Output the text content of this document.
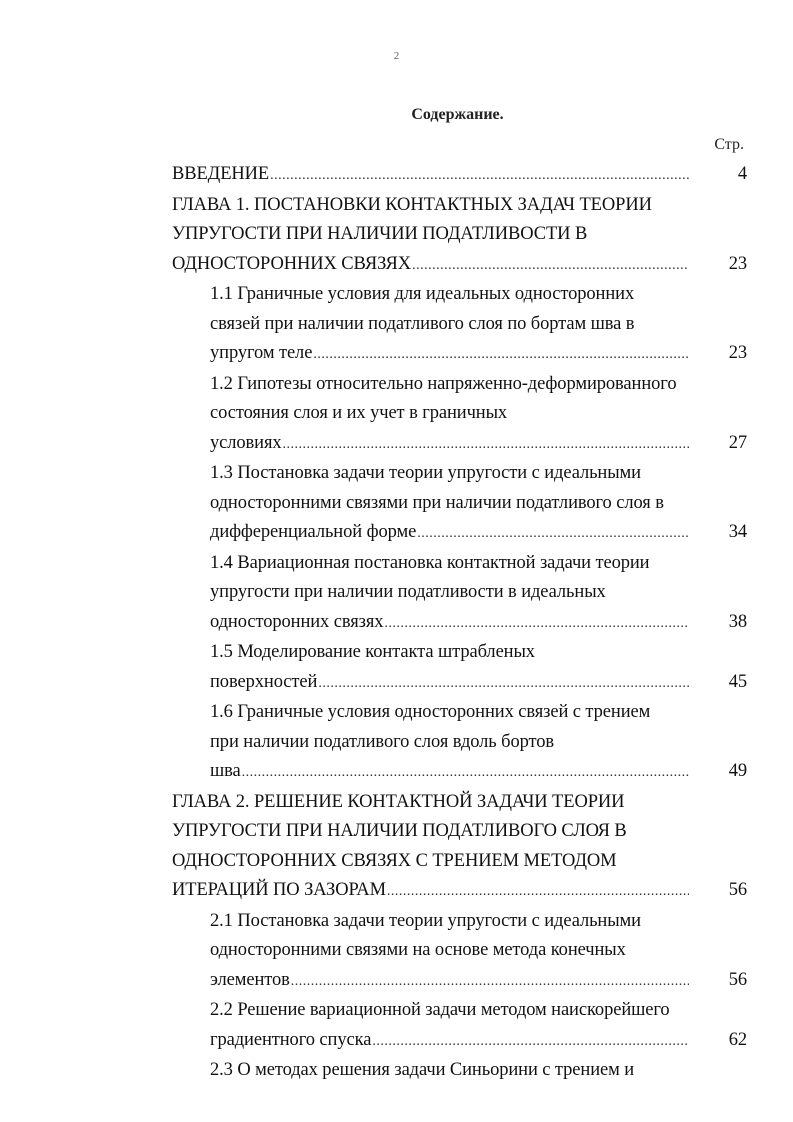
2
Содержание.
Стр.
ВВЕДЕНИЕ .....	4
ГЛАВА 1. ПОСТАНОВКИ КОНТАКТНЫХ ЗАДАЧ ТЕОРИИ
УПРУГОСТИ ПРИ НАЛИЧИИ ПОДАТЛИВОСТИ В
ОДНОСТОРОННИХ СВЯЗЯХ .....	23
1.1 Граничные условия для идеальных односторонних
связей при наличии податливого слоя по бортам шва в
упругом теле .....	23
1.2 Гипотезы относительно напряженно-деформированного
состояния слоя и их учет в граничных
условиях .....	27
1.3 Постановка задачи теории упругости с идеальными
односторонними связями при наличии податливого слоя в
дифференциальной форме .....	34
1.4 Вариационная постановка контактной задачи теории
упругости при наличии податливости в идеальных
односторонних связях .....	38
1.5 Моделирование контакта штрабленых
поверхностей .....	45
1.6 Граничные условия односторонних связей с трением
при наличии податливого слоя вдоль бортов
шва .....	49
ГЛАВА 2. РЕШЕНИЕ КОНТАКТНОЙ ЗАДАЧИ ТЕОРИИ
УПРУГОСТИ ПРИ НАЛИЧИИ ПОДАТЛИВОГО СЛОЯ В
ОДНОСТОРОННИХ СВЯЗЯХ С ТРЕНИЕМ МЕТОДОМ
ИТЕРАЦИЙ ПО ЗАЗОРАМ .....	56
2.1 Постановка задачи теории упругости с идеальными
односторонними связями на основе метода конечных
элементов .....	56
2.2 Решение вариационной задачи методом наискорейшего
градиентного спуска .....	62
2.3 О методах решения задачи Синьорини с трением и
